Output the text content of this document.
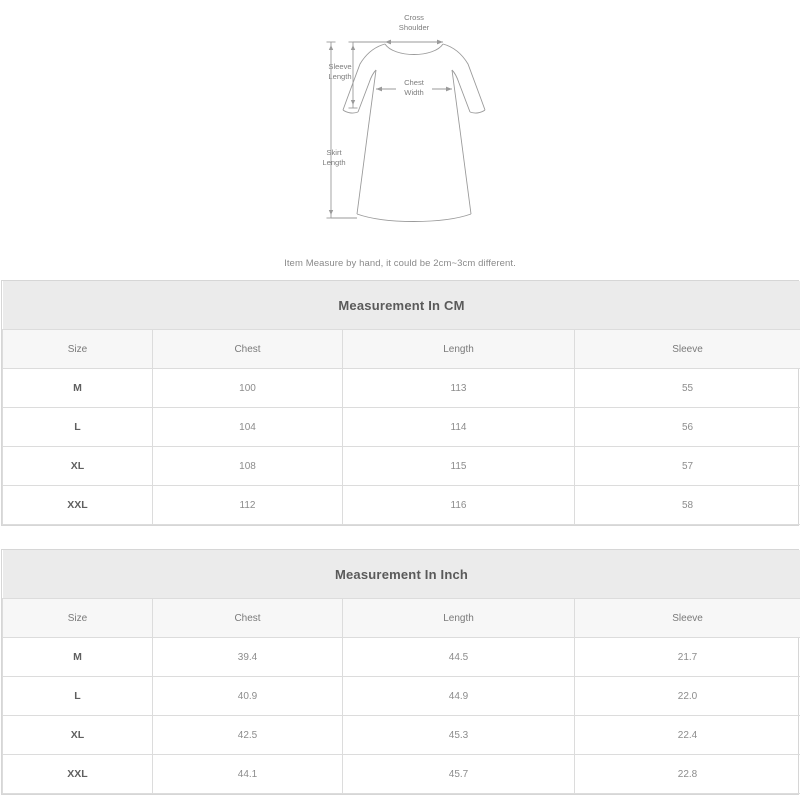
Cross
Shoulder
Sleeve
Length
Chest
Width
Skirt
Length
Item Measure by hand, it could be 2cm~3cm different.
Measurement In CM			
Size	Chest	Length	Sleeve
M	100	113	55
L	104	114	56
XL	108	115	57
XXL	112	116	58
Measurement In Inch			
Size	Chest	Length	Sleeve
M	39.4	44.5	21.7
L	40.9	44.9	22.0
XL	42.5	45.3	22.4
XXL	44.1	45.7	22.8
